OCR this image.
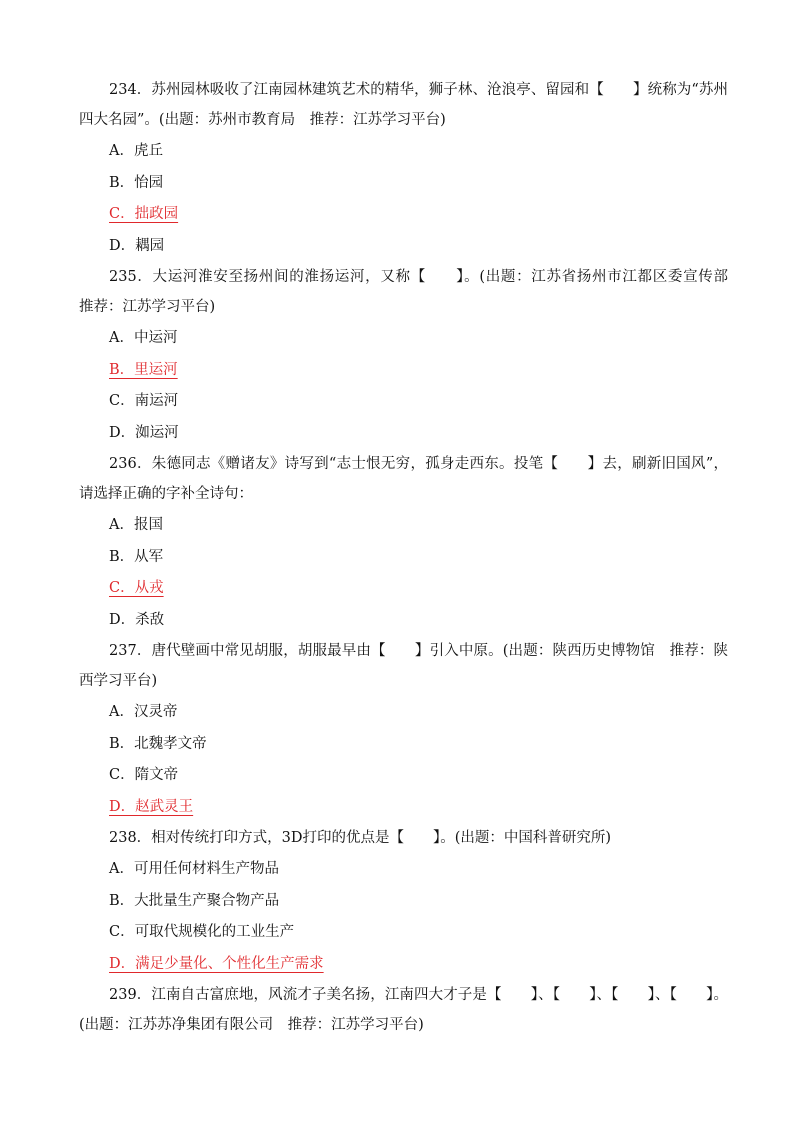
234．苏州园林吸收了江南园林建筑艺术的精华，狮子林、沧浪亭、留园和【　　】统称为“苏州四大名园”。(出题：苏州市教育局　推荐：江苏学习平台)

A．虎丘

B．怡园

C．拙政园

D．耦园

235．大运河淮安至扬州间的淮扬运河，又称【　　】。(出题：江苏省扬州市江都区委宣传部　推荐：江苏学习平台)

A．中运河

B．里运河

C．南运河

D．洳运河

236．朱德同志《赠诸友》诗写到“志士恨无穷，孤身走西东。投笔【　　】去，刷新旧国风”，请选择正确的字补全诗句：

A．报国

B．从军

C．从戎

D．杀敌

237．唐代壁画中常见胡服，胡服最早由【　　】引入中原。(出题：陕西历史博物馆　推荐：陕西学习平台)

A．汉灵帝

B．北魏孝文帝

C．隋文帝

D．赵武灵王

238．相对传统打印方式，3D打印的优点是【　　】。(出题：中国科普研究所)

A．可用任何材料生产物品

B．大批量生产聚合物产品

C．可取代规模化的工业生产

D．满足少量化、个性化生产需求

239．江南自古富庶地，风流才子美名扬，江南四大才子是【　　】、【　　】、【　　】、【　　】。(出题：江苏苏净集团有限公司　推荐：江苏学习平台)
